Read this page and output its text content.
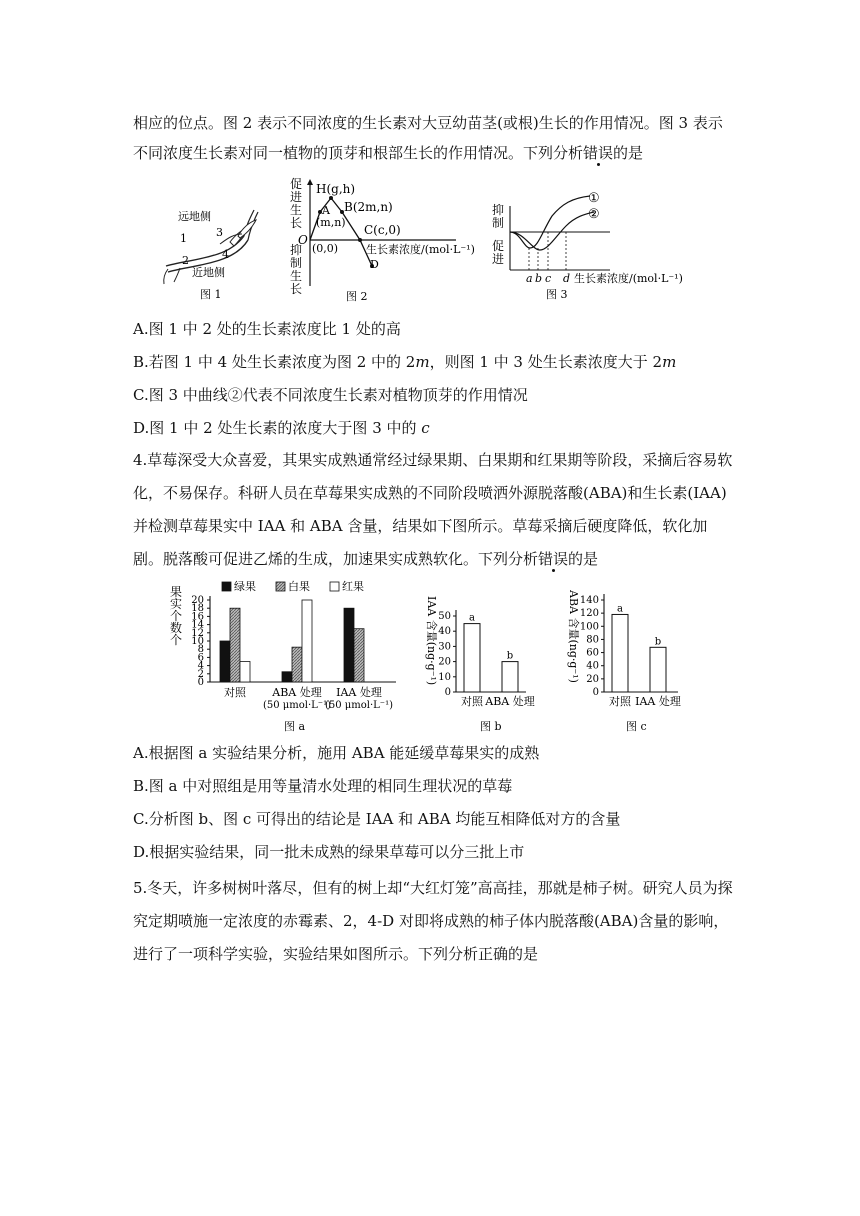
相应的位点。图 2 表示不同浓度的生长素对大豆幼苗茎(或根)生长的作用情况。图 3 表示
不同浓度生长素对同一植物的顶芽和根部生长的作用情况。下列分析错误的是
远地侧
近地侧
1
2
3
4
图 1
促
进
生
长
抑
制
生
长
O
H(g,h)
A
(m,n)
B(2m,n)
C(c,0)
D
(0,0)	生长素浓度/(mol·L⁻¹)
图 2
抑
制
促
进
①
②
a b c d 生长素浓度/(mol·L⁻¹)
图 3
A.图 1 中 2 处的生长素浓度比 1 处的高
B.若图 1 中 4 处生长素浓度为图 2 中的 2m，则图 1 中 3 处生长素浓度大于 2m
C.图 3 中曲线②代表不同浓度生长素对植物顶芽的作用情况
D.图 1 中 2 处生长素的浓度大于图 3 中的 c
4.草莓深受大众喜爱，其果实成熟通常经过绿果期、白果期和红果期等阶段，采摘后容易软化，不易保存。科研人员在草莓果实成熟的不同阶段喷洒外源脱落酸(ABA)和生长素(IAA)并检测草莓果实中 IAA 和 ABA 含量，结果如下图所示。草莓采摘后硬度降低，软化加剧。脱落酸可促进乙烯的生成，加速果实成熟软化。下列分析错误的是
果
实
个
数
个
绿果	白果	红果
0
2
4
6
8
10
12
14
16
18
20
对照 ABA 处理
(50 μmol·L⁻¹)
IAA 处理
(50 μmol·L⁻¹)
图 a
IAA 含量(ng·g⁻¹)
0
10
20
30
40
50 a
对照
b
ABA 处理
图 b
ABA 含量(ng·g⁻¹)
0
20
40
60
80
100
120
140
a
对照
b
IAA 处理
图 c
A.根据图 a 实验结果分析，施用 ABA 能延缓草莓果实的成熟
B.图 a 中对照组是用等量清水处理的相同生理状况的草莓
C.分析图 b、图 c 可得出的结论是 IAA 和 ABA 均能互相降低对方的含量
D.根据实验结果，同一批未成熟的绿果草莓可以分三批上市
5.冬天，许多树树叶落尽，但有的树上却“大红灯笼”高高挂，那就是柿子树。研究人员为探究定期喷施一定浓度的赤霉素、2，4-D 对即将成熟的柿子体内脱落酸(ABA)含量的影响，进行了一项科学实验，实验结果如图所示。下列分析正确的是
